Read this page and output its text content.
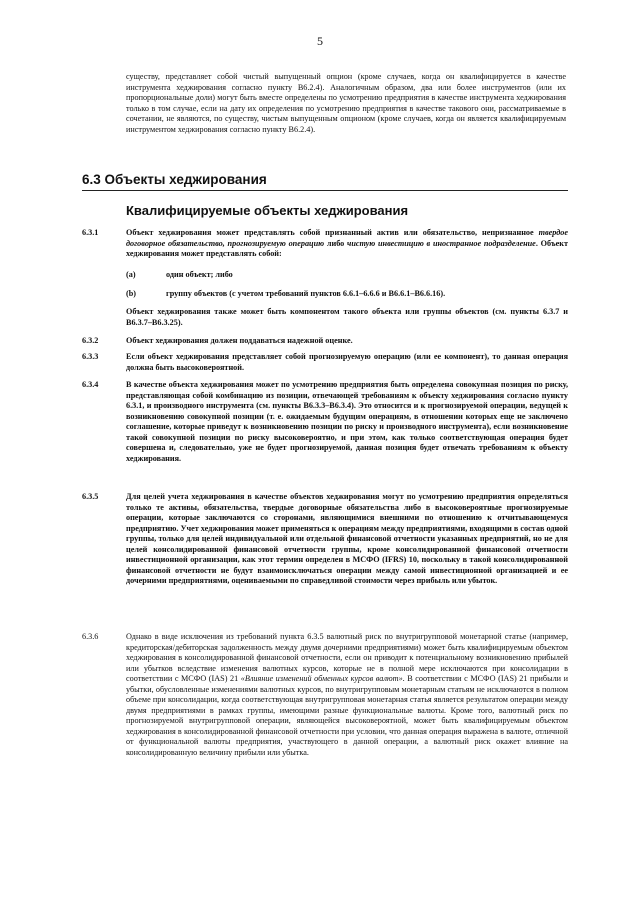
5
существу, представляет собой чистый выпущенный опцион (кроме случаев, когда он квалифицируется в качестве инструмента хеджирования согласно пункту B6.2.4). Аналогичным образом, два или более инструментов (или их пропорциональные доли) могут быть вместе определены по усмотрению предприятия в качестве инструмента хеджирования только в том случае, если на дату их определения по усмотрению предприятия в качестве такового они, рассматриваемые в сочетании, не являются, по существу, чистым выпущенным опционом (кроме случаев, когда он является квалифицируемым инструментом хеджирования согласно пункту B6.2.4).
6.3 Объекты хеджирования
Квалифицируемые объекты хеджирования
6.3.1	Объект хеджирования может представлять собой признанный актив или обязательство, непризнанное твердое договорное обязательство, прогнозируемую операцию либо чистую инвестицию в иностранное подразделение. Объект хеджирования может представлять собой:
(a)	один объект; либо
(b)	группу объектов (с учетом требований пунктов 6.6.1–6.6.6 и B6.6.1–B6.6.16).
Объект хеджирования также может быть компонентом такого объекта или группы объектов (см. пункты 6.3.7 и B6.3.7–B6.3.25).
6.3.2	Объект хеджирования должен поддаваться надежной оценке.
6.3.3	Если объект хеджирования представляет собой прогнозируемую операцию (или ее компонент), то данная операция должна быть высоковероятной.
6.3.4	В качестве объекта хеджирования может по усмотрению предприятия быть определена совокупная позиция по риску, представляющая собой комбинацию из позиции, отвечающей требованиям к объекту хеджирования согласно пункту 6.3.1, и производного инструмента (см. пункты B6.3.3–B6.3.4). Это относится и к прогнозируемой операции, ведущей к возникновению совокупной позиции (т. е. ожидаемым будущим операциям, в отношении которых еще не заключено соглашение, которые приведут к возникновению позиции по риску и производного инструмента), если возникновение такой совокупной позиции по риску высоковероятно, и при этом, как только соответствующая операция будет совершена и, следовательно, уже не будет прогнозируемой, данная позиция будет отвечать требованиям к объекту хеджирования.
6.3.5	Для целей учета хеджирования в качестве объектов хеджирования могут по усмотрению предприятия определяться только те активы, обязательства, твердые договорные обязательства либо в высоковероятные прогнозируемые операции, которые заключаются со сторонами, являющимися внешними по отношению к отчитывающемуся предприятию. Учет хеджирования может применяться к операциям между предприятиями, входящими в состав одной группы, только для целей индивидуальной или отдельной финансовой отчетности указанных предприятий, но не для целей консолидированной финансовой отчетности группы, кроме консолидированной финансовой отчетности инвестиционной организации, как этот термин определен в МСФО (IFRS) 10, поскольку в такой консолидированной финансовой отчетности не будут взаимоисключаться операции между самой инвестиционной организацией и ее дочерними предприятиями, оцениваемыми по справедливой стоимости через прибыль или убыток.
6.3.6	Однако в виде исключения из требований пункта 6.3.5 валютный риск по внутригрупповой монетарной статье (например, кредиторская/дебиторская задолженность между двумя дочерними предприятиями) может быть квалифицируемым объектом хеджирования в консолидированной финансовой отчетности, если он приводит к потенциальному возникновению прибылей или убытков вследствие изменения валютных курсов, которые не в полной мере исключаются при консолидации в соответствии с МСФО (IAS) 21 «Влияние изменений обменных курсов валют». В соответствии с МСФО (IAS) 21 прибыли и убытки, обусловленные изменениями валютных курсов, по внутригрупповым монетарным статьям не исключаются в полном объеме при консолидации, когда соответствующая внутригрупповая монетарная статья является результатом операции между двумя предприятиями в рамках группы, имеющими разные функциональные валюты. Кроме того, валютный риск по прогнозируемой внутригрупповой операции, являющейся высоковероятной, может быть квалифицируемым объектом хеджирования в консолидированной финансовой отчетности при условии, что данная операция выражена в валюте, отличной от функциональной валюты предприятия, участвующего в данной операции, а валютный риск окажет влияние на консолидированную величину прибыли или убытка.
